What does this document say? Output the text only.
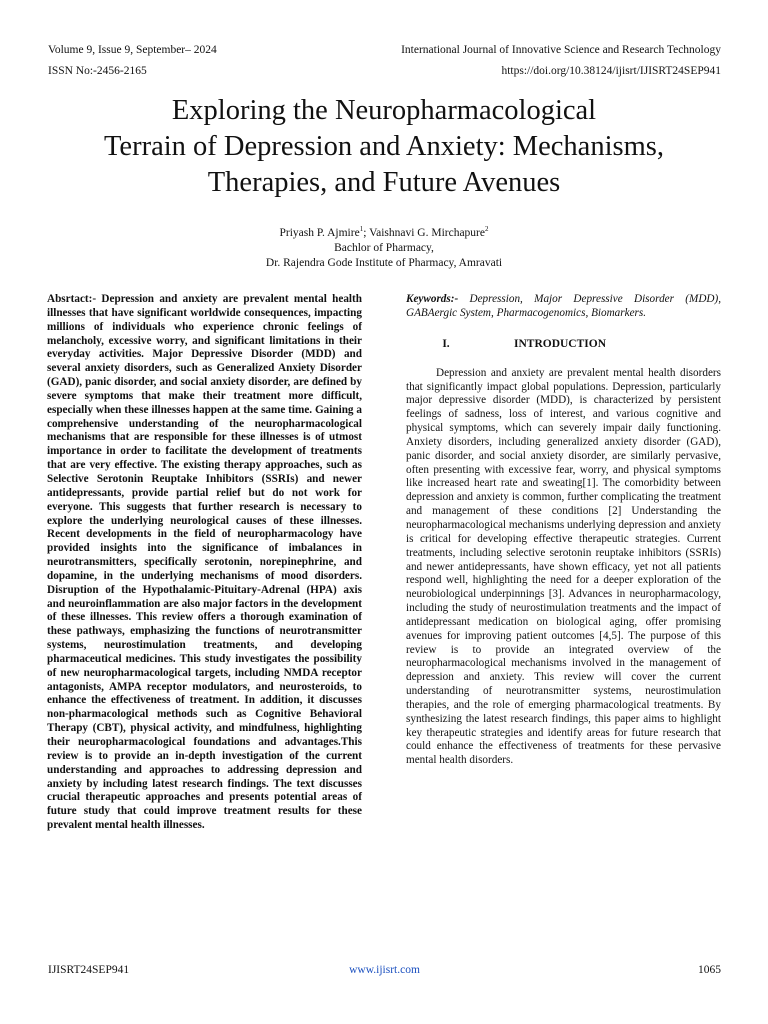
Volume 9, Issue 9, September– 2024	International Journal of Innovative Science and Research Technology
ISSN No:-2456-2165	https://doi.org/10.38124/ijisrt/IJISRT24SEP941
Exploring the Neuropharmacological
Terrain of Depression and Anxiety: Mechanisms,
Therapies, and Future Avenues
Priyash P. Ajmire$^1$; Vaishnavi G. Mirchapure$^2$
Bachlor of Pharmacy,
Dr. Rajendra Gode Institute of Pharmacy, Amravati

Absrtact:- Depression and anxiety are prevalent mental health illnesses that have significant worldwide consequences, impacting millions of individuals who experience chronic feelings of melancholy, excessive worry, and significant limitations in their everyday activities. Major Depressive Disorder (MDD) and several anxiety disorders, such as Generalized Anxiety Disorder (GAD), panic disorder, and social anxiety disorder, are defined by severe symptoms that make their treatment more difficult, especially when these illnesses happen at the same time. Gaining a comprehensive understanding of the neuropharmacological mechanisms that are responsible for these illnesses is of utmost importance in order to facilitate the development of treatments that are very effective. The existing therapy approaches, such as Selective Serotonin Reuptake Inhibitors (SSRIs) and newer antidepressants, provide partial relief but do not work for everyone. This suggests that further research is necessary to explore the underlying neurological causes of these illnesses. Recent developments in the field of neuropharmacology have provided insights into the significance of imbalances in neurotransmitters, specifically serotonin, norepinephrine, and dopamine, in the underlying mechanisms of mood disorders. Disruption of the Hypothalamic-Pituitary-Adrenal (HPA) axis and neuroinflammation are also major factors in the development of these illnesses. This review offers a thorough examination of these pathways, emphasizing the functions of neurotransmitter systems, neurostimulation treatments, and developing pharmaceutical medicines. This study investigates the possibility of new neuropharmacological targets, including NMDA receptor antagonists, AMPA receptor modulators, and neurosteroids, to enhance the effectiveness of treatment. In addition, it discusses non-pharmacological methods such as Cognitive Behavioral Therapy (CBT), physical activity, and mindfulness, highlighting their neuropharmacological foundations and advantages.This review is to provide an in-depth investigation of the current understanding and approaches to addressing depression and anxiety by including latest research findings. The text discusses crucial therapeutic approaches and presents potential areas of future study that could improve treatment results for these prevalent mental health illnesses.

Keywords:- Depression, Major Depressive Disorder (MDD), GABAergic System, Pharmacogenomics, Biomarkers.

I.	INTRODUCTION

Depression and anxiety are prevalent mental health disorders that significantly impact global populations. Depression, particularly major depressive disorder (MDD), is characterized by persistent feelings of sadness, loss of interest, and various cognitive and physical symptoms, which can severely impair daily functioning. Anxiety disorders, including generalized anxiety disorder (GAD), panic disorder, and social anxiety disorder, are similarly pervasive, often presenting with excessive fear, worry, and physical symptoms like increased heart rate and sweating[1]. The comorbidity between depression and anxiety is common, further complicating the treatment and management of these conditions [2] Understanding the neuropharmacological mechanisms underlying depression and anxiety is critical for developing effective therapeutic strategies. Current treatments, including selective serotonin reuptake inhibitors (SSRIs) and newer antidepressants, have shown efficacy, yet not all patients respond well, highlighting the need for a deeper exploration of the neurobiological underpinnings [3]. Advances in neuropharmacology, including the study of neurostimulation treatments and the impact of antidepressant medication on biological aging, offer promising avenues for improving patient outcomes [4,5]. The purpose of this review is to provide an integrated overview of the neuropharmacological mechanisms involved in the management of depression and anxiety. This review will cover the current understanding of neurotransmitter systems, neurostimulation therapies, and the role of emerging pharmacological treatments. By synthesizing the latest research findings, this paper aims to highlight key therapeutic strategies and identify areas for future research that could enhance the effectiveness of treatments for these pervasive mental health disorders.

IJISRT24SEP941	www.ijisrt.com	1065
